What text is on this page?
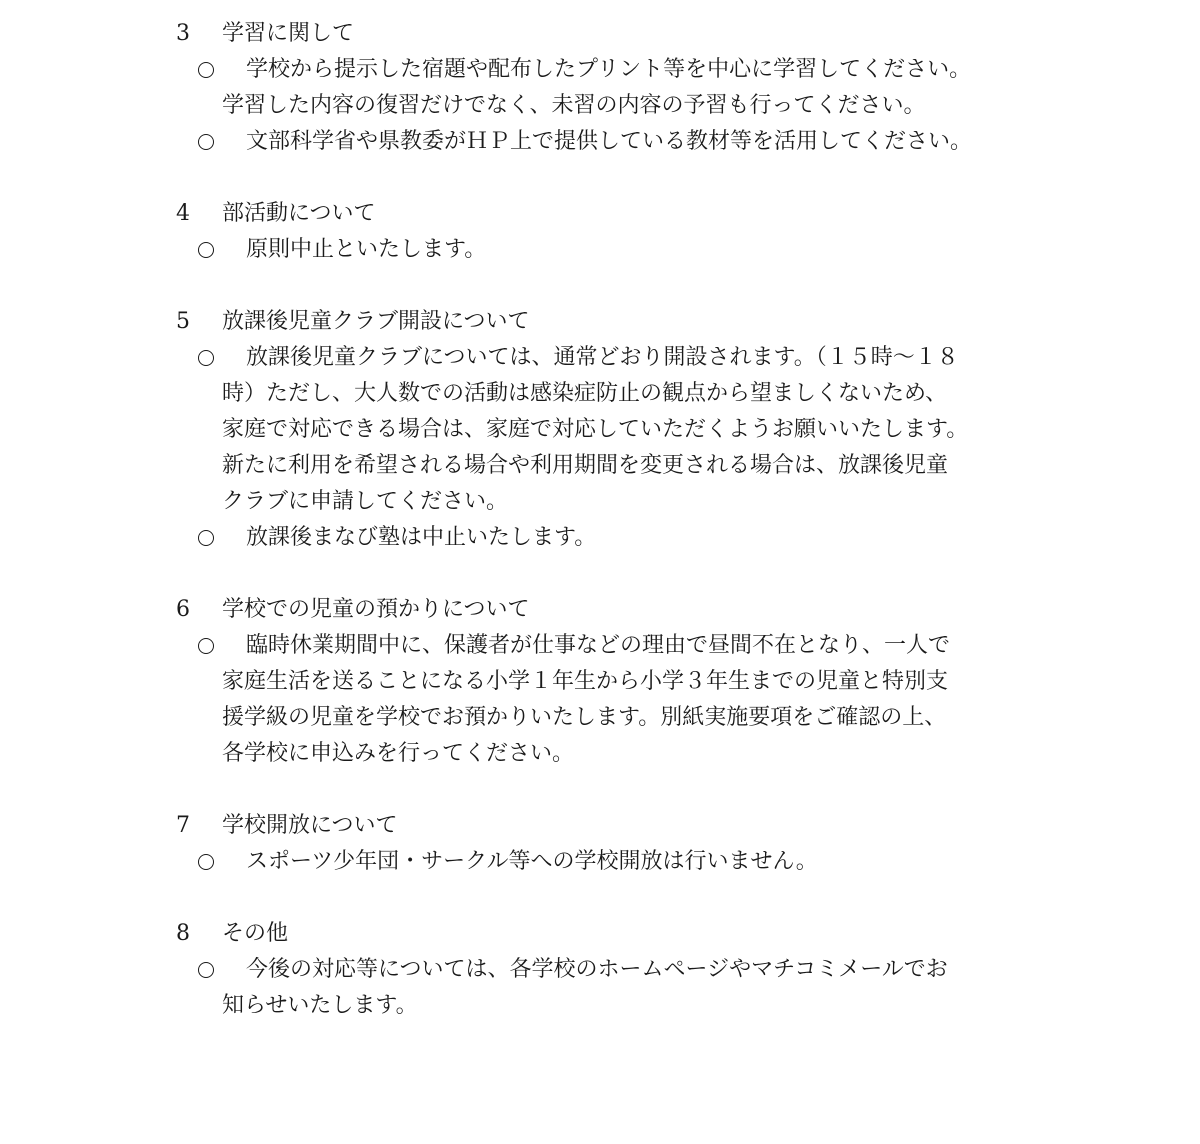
3	学習に関して
学校から提示した宿題や配布したプリント等を中心に学習してください。
学習した内容の復習だけでなく、未習の内容の予習も行ってください。
文部科学省や県教委がＨＰ上で提供している教材等を活用してください。
4	部活動について
原則中止といたします。
5	放課後児童クラブ開設について
放課後児童クラブについては、通常どおり開設されます。（１５時～１８
時）ただし、大人数での活動は感染症防止の観点から望ましくないため、
家庭で対応できる場合は、家庭で対応していただくようお願いいたします。
新たに利用を希望される場合や利用期間を変更される場合は、放課後児童
クラブに申請してください。
放課後まなび塾は中止いたします。
6	学校での児童の預かりについて
臨時休業期間中に、保護者が仕事などの理由で昼間不在となり、一人で
家庭生活を送ることになる小学１年生から小学３年生までの児童と特別支
援学級の児童を学校でお預かりいたします。別紙実施要項をご確認の上、
各学校に申込みを行ってください。
7	学校開放について
スポーツ少年団・サークル等への学校開放は行いません。
8	その他
今後の対応等については、各学校のホームページやマチコミメールでお
知らせいたします。
